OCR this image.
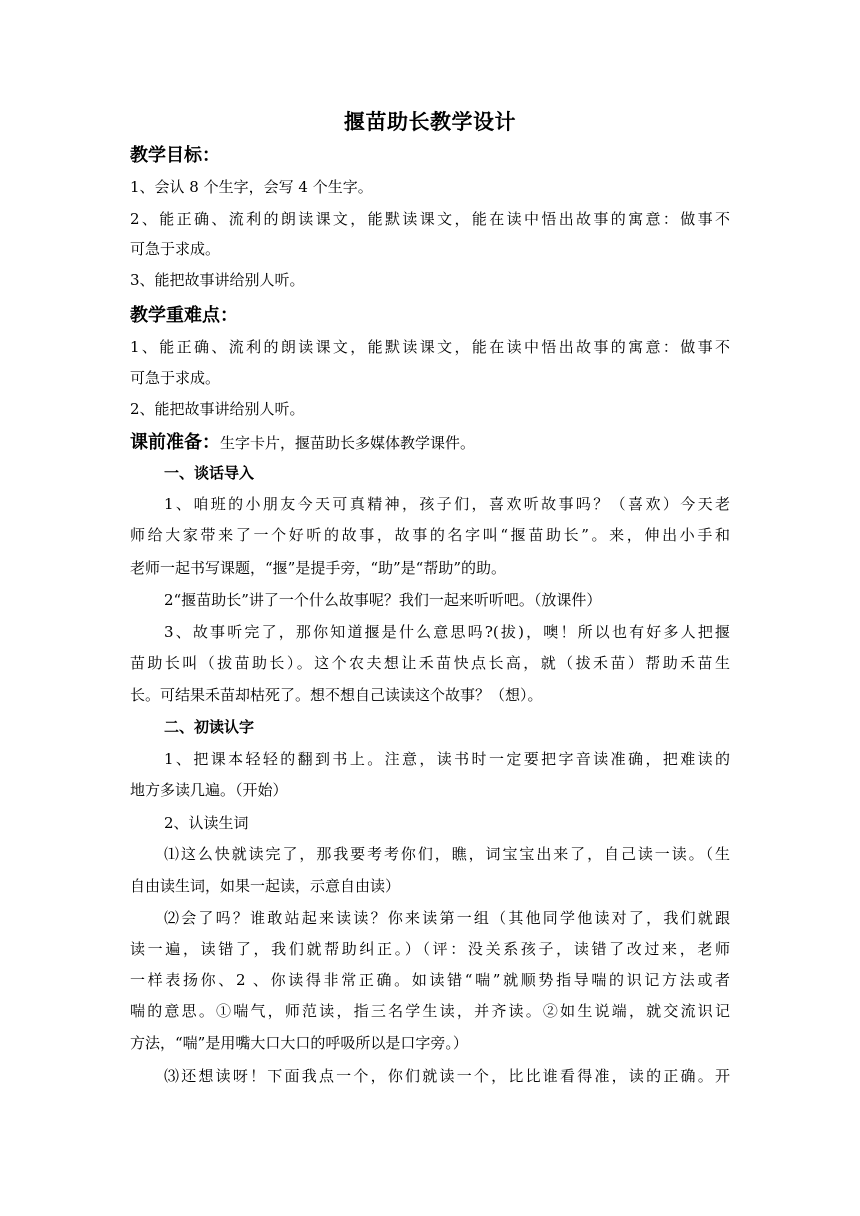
揠苗助长教学设计
教学目标：
1、会认 8 个生字，会写 4 个生字。
2、能正确、流利的朗读课文，能默读课文，能在读中悟出故事的寓意：做事不
可急于求成。
3、能把故事讲给别人听。
教学重难点：
1、能正确、流利的朗读课文，能默读课文，能在读中悟出故事的寓意：做事不
可急于求成。
2、能把故事讲给别人听。
课前准备：生字卡片，揠苗助长多媒体教学课件。
一、谈话导入
1、咱班的小朋友今天可真精神，孩子们，喜欢听故事吗？（喜欢）今天老
师给大家带来了一个好听的故事，故事的名字叫“揠苗助长”。来，伸出小手和
老师一起书写课题，“揠”是提手旁，“助”是“帮助”的助。
2“揠苗助长”讲了一个什么故事呢？我们一起来听听吧。（放课件）
3、故事听完了，那你知道揠是什么意思吗?(拔)，噢！所以也有好多人把揠
苗助长叫（拔苗助长）。这个农夫想让禾苗快点长高，就（拔禾苗）帮助禾苗生
长。可结果禾苗却枯死了。想不想自己读读这个故事？（想）。
二、初读认字
1、把课本轻轻的翻到书上。注意，读书时一定要把字音读准确，把难读的
地方多读几遍。（开始）
2、认读生词
⑴这么快就读完了，那我要考考你们，瞧，词宝宝出来了，自己读一读。（生
自由读生词，如果一起读，示意自由读）
⑵会了吗？谁敢站起来读读？你来读第一组（其他同学他读对了，我们就跟
读一遍，读错了，我们就帮助纠正。）（评：没关系孩子，读错了改过来，老师
一样表扬你、2 、你读得非常正确。如读错“喘”就顺势指导喘的识记方法或者
喘的意思。①喘气，师范读，指三名学生读，并齐读。②如生说端，就交流识记
方法，“喘”是用嘴大口大口的呼吸所以是口字旁。）
⑶还想读呀！下面我点一个，你们就读一个，比比谁看得准，读的正确。开
